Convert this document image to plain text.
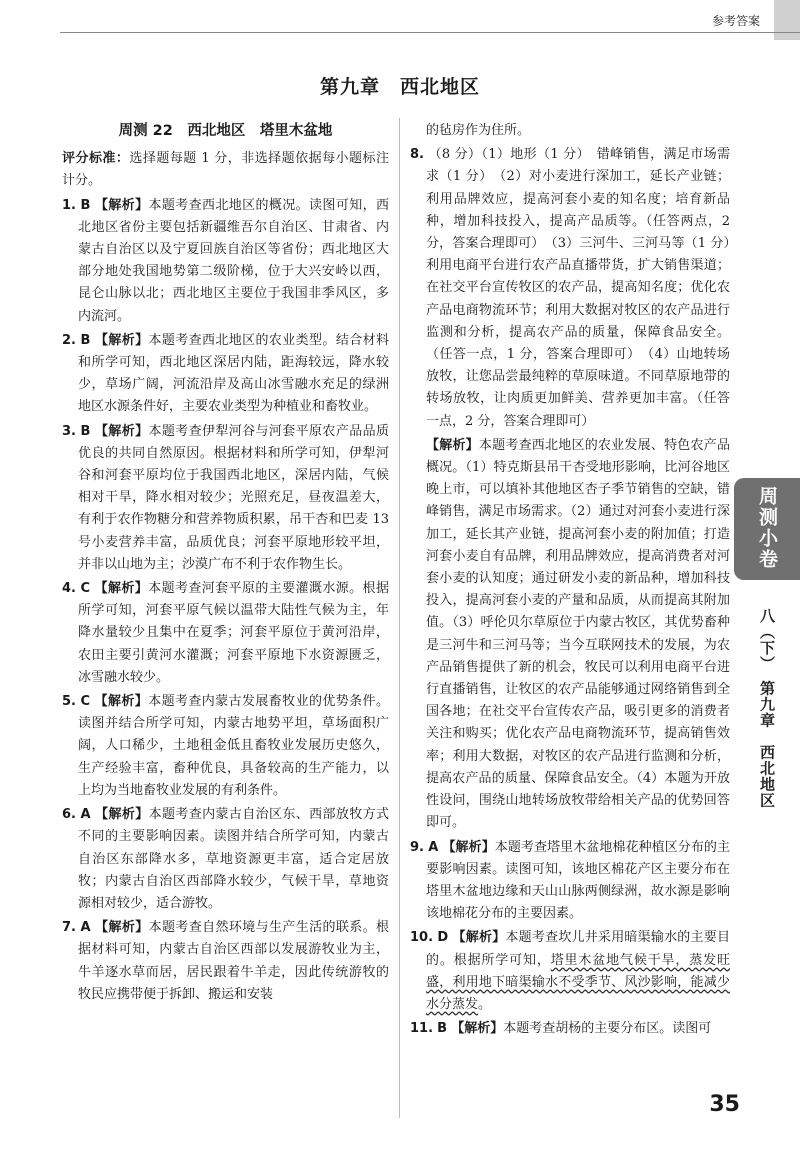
参考答案
第九章　西北地区
周测 22　西北地区　塔里木盆地
评分标准：选择题每题 1 分，非选择题依据每小题标注计分。
1. B 【解析】本题考查西北地区的概况。读图可知，西北地区省份主要包括新疆维吾尔自治区、甘肃省、内蒙古自治区以及宁夏回族自治区等省份；西北地区大部分地处我国地势第二级阶梯，位于大兴安岭以西，昆仑山脉以北；西北地区主要位于我国非季风区，多内流河。
2. B 【解析】本题考查西北地区的农业类型。结合材料和所学可知，西北地区深居内陆，距海较远，降水较少，草场广阔，河流沿岸及高山冰雪融水充足的绿洲地区水源条件好，主要农业类型为种植业和畜牧业。
3. B 【解析】本题考查伊犁河谷与河套平原农产品品质优良的共同自然原因。根据材料和所学可知，伊犁河谷和河套平原均位于我国西北地区，深居内陆，气候相对干旱，降水相对较少；光照充足，昼夜温差大，有利于农作物糖分和营养物质积累，吊干杏和巴麦 13 号小麦营养丰富，品质优良；河套平原地形较平坦，并非以山地为主；沙漠广布不利于农作物生长。
4. C 【解析】本题考查河套平原的主要灌溉水源。根据所学可知，河套平原气候以温带大陆性气候为主，年降水量较少且集中在夏季；河套平原位于黄河沿岸，农田主要引黄河水灌溉；河套平原地下水资源匮乏，冰雪融水较少。
5. C 【解析】本题考查内蒙古发展畜牧业的优势条件。读图并结合所学可知，内蒙古地势平坦，草场面积广阔，人口稀少，土地租金低且畜牧业发展历史悠久，生产经验丰富，畜种优良，具备较高的生产能力，以上均为当地畜牧业发展的有利条件。
6. A 【解析】本题考查内蒙古自治区东、西部放牧方式不同的主要影响因素。读图并结合所学可知，内蒙古自治区东部降水多，草地资源更丰富，适合定居放牧；内蒙古自治区西部降水较少，气候干旱，草地资源相对较少，适合游牧。
7. A 【解析】本题考查自然环境与生产生活的联系。根据材料可知，内蒙古自治区西部以发展游牧业为主，牛羊逐水草而居，居民跟着牛羊走，因此传统游牧的牧民应携带便于拆卸、搬运和安装
的毡房作为住所。
8. （8 分）（1）地形（1 分）　错峰销售，满足市场需求（1 分）　（2）对小麦进行深加工，延长产业链；利用品牌效应，提高河套小麦的知名度；培育新品种，增加科技投入，提高产品质等。（任答两点，2 分，答案合理即可）　（3）三河牛、三河马等（1 分）　利用电商平台进行农产品直播带货，扩大销售渠道；在社交平台宣传牧区的农产品，提高知名度；优化农产品电商物流环节；利用大数据对牧区的农产品进行监测和分析，提高农产品的质量，保障食品安全。（任答一点，1 分，答案合理即可）　（4）山地转场放牧，让您品尝最纯粹的草原味道。不同草原地带的转场放牧，让肉质更加鲜美、营养更加丰富。（任答一点，2 分，答案合理即可）
【解析】本题考查西北地区的农业发展、特色农产品概况。（1）特克斯县吊干杏受地形影响，比河谷地区晚上市，可以填补其他地区杏子季节销售的空缺，错峰销售，满足市场需求。（2）通过对河套小麦进行深加工，延长其产业链，提高河套小麦的附加值；打造河套小麦自有品牌，利用品牌效应，提高消费者对河套小麦的认知度；通过研发小麦的新品种，增加科技投入，提高河套小麦的产量和品质，从而提高其附加值。（3）呼伦贝尔草原位于内蒙古牧区，其优势畜种是三河牛和三河马等；当今互联网技术的发展，为农产品销售提供了新的机会，牧民可以利用电商平台进行直播销售，让牧区的农产品能够通过网络销售到全国各地；在社交平台宣传农产品，吸引更多的消费者关注和购买；优化农产品电商物流环节，提高销售效率；利用大数据，对牧区的农产品进行监测和分析，提高农产品的质量、保障食品安全。（4）本题为开放性设问，围绕山地转场放牧带给相关产品的优势回答即可。
9. A 【解析】本题考查塔里木盆地棉花种植区分布的主要影响因素。读图可知，该地区棉花产区主要分布在塔里木盆地边缘和天山山脉两侧绿洲，故水源是影响该地棉花分布的主要因素。
10. D 【解析】本题考查坎儿井采用暗渠输水的主要目的。根据所学可知，塔里木盆地气候干旱，蒸发旺盛，利用地下暗渠输水不受季节、风沙影响，能减少水分蒸发。
11. B 【解析】本题考查胡杨的主要分布区。读图可
周测小卷
八（下）　第九章　西北地区
35
